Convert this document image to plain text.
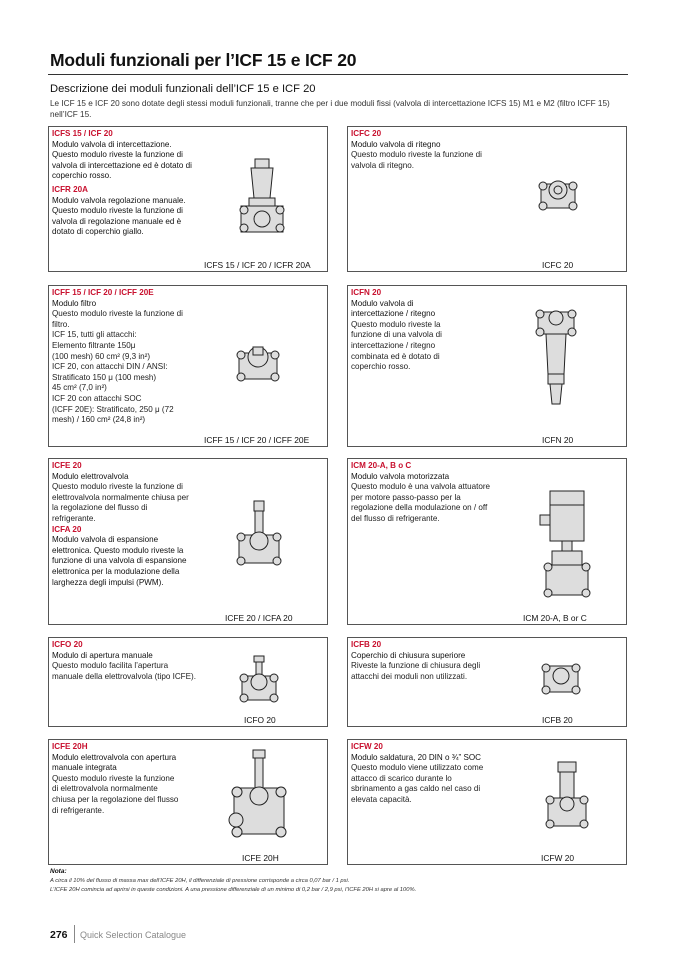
Moduli funzionali per l’ICF 15 e ICF 20
Descrizione dei moduli funzionali dell’ICF 15 e ICF 20
Le ICF 15 e ICF 20 sono dotate degli stessi moduli funzionali, tranne che per i due moduli fissi (valvola di intercettazione ICFS 15) M1 e M2 (filtro ICFF 15) nell’ICF 15.
ICFS 15 / ICF 20
Modulo valvola di intercettazione. Questo modulo riveste la funzione di valvola di intercettazione ed è dotato di coperchio rosso.
ICFR 20A
Modulo valvola regolazione manuale. Questo modulo riveste la funzione di valvola di regolazione manuale ed è dotato di coperchio giallo.
ICFS 15 / ICF 20 / ICFR 20A
ICFC 20
Modulo valvola di ritegno
Questo modulo riveste la funzione di valvola di ritegno.
ICFC 20
ICFF 15 / ICF 20 / ICFF 20E
Modulo filtro
Questo modulo riveste la funzione di filtro.
ICF 15, tutti gli attacchi:
Elemento filtrante 150μ
(100 mesh) 60 cm² (9,3 in²)
ICF 20, con attacchi DIN / ANSI:
Stratificato 150 μ (100 mesh)
45 cm² (7,0 in²)
ICF 20 con attacchi SOC
(ICFF 20E): Stratificato, 250 μ (72 mesh) / 160 cm² (24,8 in²)
ICFF 15 / ICF 20 / ICFF 20E
ICFN 20
Modulo valvola di intercettazione / ritegno
Questo modulo riveste la funzione di una valvola di intercettazione / ritegno combinata ed è dotato di coperchio rosso.
ICFN 20
ICFE 20
Modulo elettrovalvola
Questo modulo riveste la funzione di elettrovalvola normalmente chiusa per la regolazione del flusso di refrigerante.
ICFA 20
Modulo valvola di espansione elettronica. Questo modulo riveste la funzione di una valvola di espansione elettronica per la modulazione della larghezza degli impulsi (PWM).
ICFE 20 / ICFA 20
ICM 20-A, B o C
Modulo valvola motorizzata
Questo modulo è una valvola attuatore per motore passo-passo per la regolazione della modulazione on / off del flusso di refrigerante.
ICM 20-A, B or C
ICFO 20
Modulo di apertura manuale
Questo modulo facilita l’apertura manuale della elettrovalvola (tipo ICFE).
ICFO 20
ICFB 20
Coperchio di chiusura superiore
Riveste la funzione di chiusura degli attacchi dei moduli non utilizzati.
ICFB 20
ICFE 20H
Modulo elettrovalvola con apertura manuale integrata
Questo modulo riveste la funzione di elettrovalvola normalmente chiusa per la regolazione del flusso di refrigerante.
ICFE 20H
ICFW 20
Modulo saldatura, 20 DIN o ¾” SOC
Questo modulo viene utilizzato come attacco di scarico durante lo sbrinamento a gas caldo nel caso di elevata capacità.
ICFW 20
Nota:
A circa il 10% del flusso di massa max dell’ICFE 20H, il differenziale di pressione corrisponde a circa 0,07 bar / 1 psi.
L’ICFE 20H comincia ad aprirsi in queste condizioni. A una pressione differenziale di un minimo di 0,2 bar / 2,9 psi, l’ICFE 20H si apre al 100%.
276 Quick Selection Catalogue
